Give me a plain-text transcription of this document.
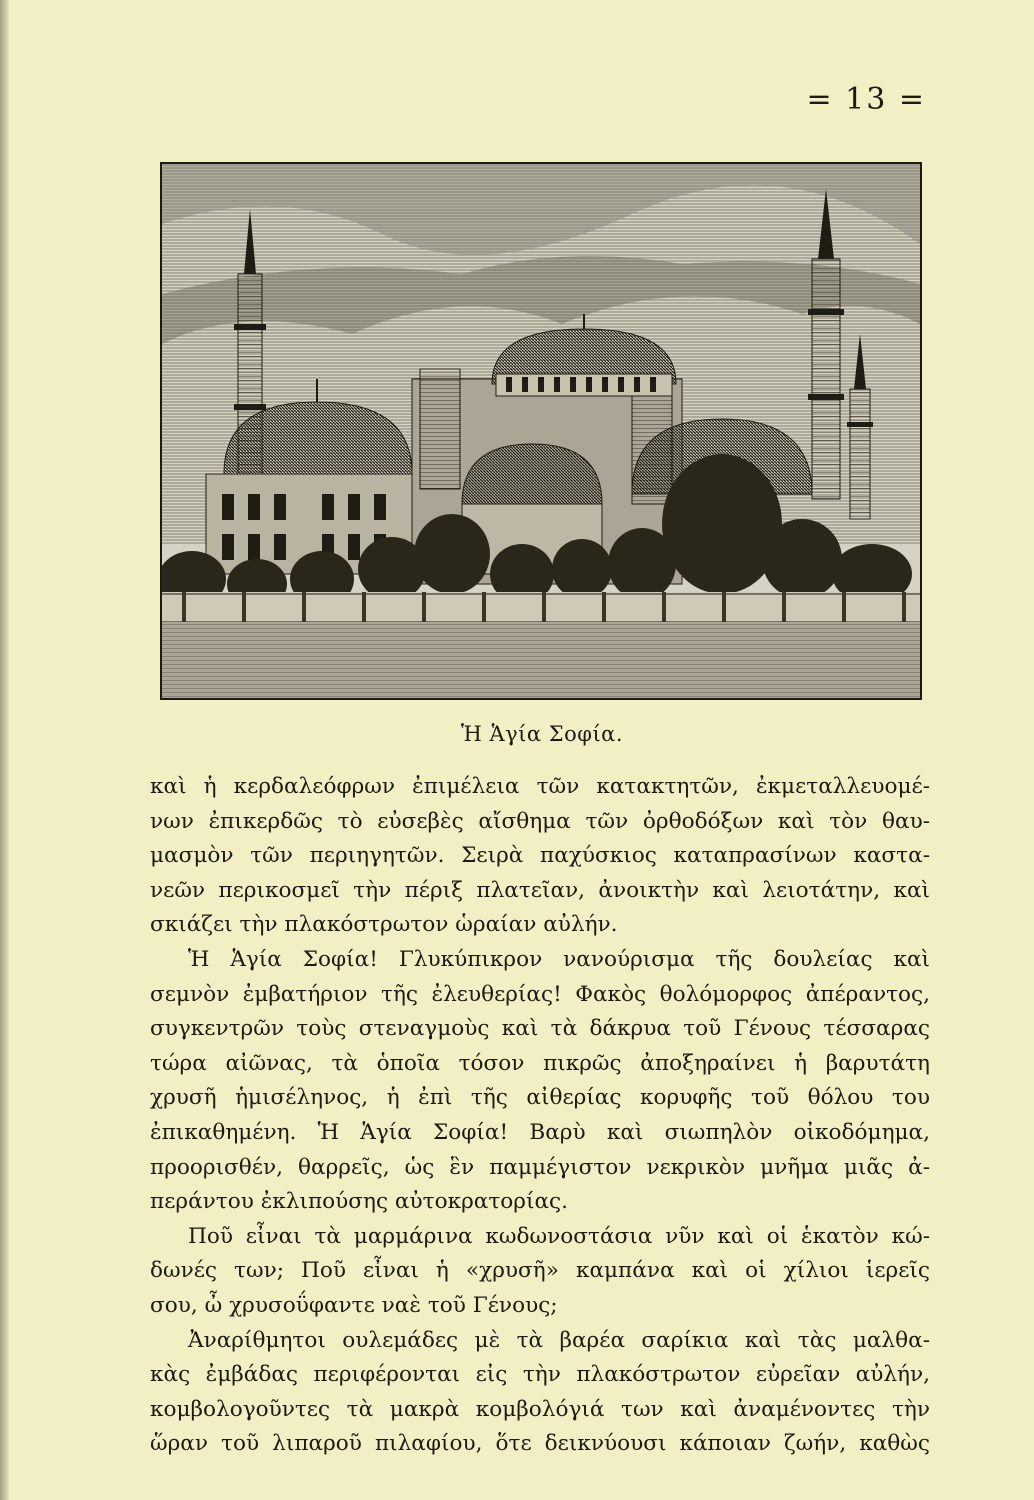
= 13 =
Ἡ Ἁγία Σοφία.
καὶ ἡ κερδαλεόφρων ἐπιμέλεια τῶν κατακτητῶν, ἐκμεταλλευομέ-
νων ἐπικερδῶς τὸ εὐσεβὲς αἴσθημα τῶν ὀρθοδόξων καὶ τὸν θαυ-
μασμὸν τῶν περιηγητῶν. Σειρὰ παχύσκιος καταπρασίνων καστα-
νεῶν περικοσμεῖ τὴν πέριξ πλατεῖαν, ἀνοικτὴν καὶ λειοτάτην, καὶ
σκιάζει τὴν πλακόστρωτον ὡραίαν αὐλήν.
Ἡ Ἁγία Σοφία! Γλυκύπικρον νανούρισμα τῆς δουλείας καὶ
σεμνὸν ἐμβατήριον τῆς ἐλευθερίας! Φακὸς θολόμορφος ἀπέραντος,
συγκεντρῶν τοὺς στεναγμοὺς καὶ τὰ δάκρυα τοῦ Γένους τέσσαρας
τώρα αἰῶνας, τὰ ὁποῖα τόσον πικρῶς ἀποξηραίνει ἡ βαρυτάτη
χρυσῆ ἡμισέληνος, ἡ ἐπὶ τῆς αἰθερίας κορυφῆς τοῦ θόλου του
ἐπικαθημένη. Ἡ Ἁγία Σοφία! Βαρὺ καὶ σιωπηλὸν οἰκοδόμημα,
προορισθέν, θαρρεῖς, ὡς ἓν παμμέγιστον νεκρικὸν μνῆμα μιᾶς ἀ-
περάντου ἐκλιπούσης αὐτοκρατορίας.
Ποῦ εἶναι τὰ μαρμάρινα κωδωνοστάσια νῦν καὶ οἱ ἑκατὸν κώ-
δωνές των; Ποῦ εἶναι ἡ «χρυσῆ» καμπάνα καὶ οἱ χίλιοι ἱερεῖς
σου, ὦ χρυσοΰφαντε ναὲ τοῦ Γένους;
Ἀναρίθμητοι ουλεμάδες μὲ τὰ βαρέα σαρίκια καὶ τὰς μαλθα-
κὰς ἐμβάδας περιφέρονται εἰς τὴν πλακόστρωτον εὐρεῖαν αὐλήν,
κομβολογοῦντες τὰ μακρὰ κομβολόγιά των καὶ ἀναμένοντες τὴν
ὥραν τοῦ λιπαροῦ πιλαφίου, ὅτε δεικνύουσι κάποιαν ζωήν, καθὼς
